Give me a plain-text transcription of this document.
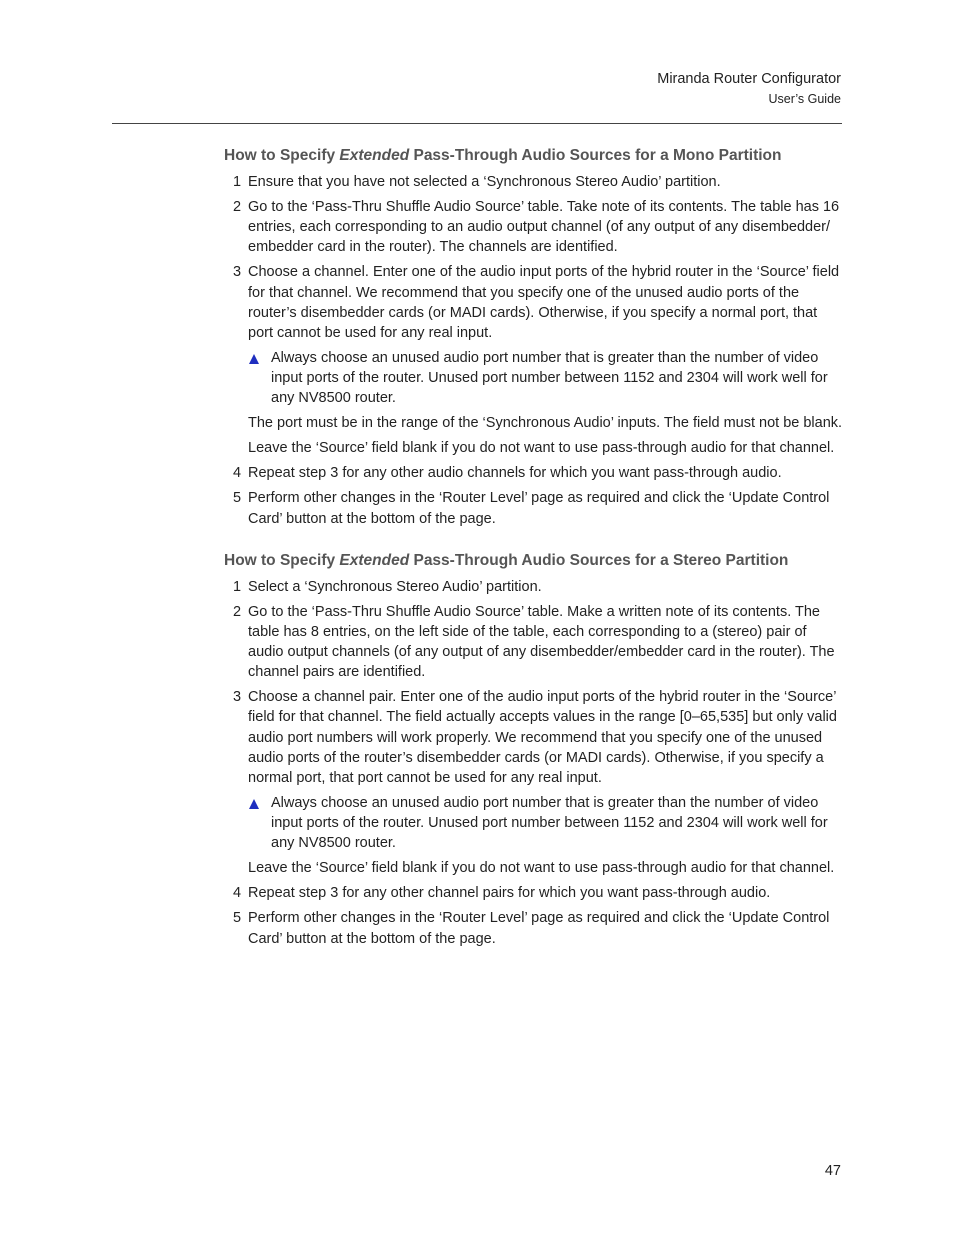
Miranda Router Configurator
User’s Guide
How to Specify Extended Pass-Through Audio Sources for a Mono Partition
1 Ensure that you have not selected a ‘Synchronous Stereo Audio’ partition.
2 Go to the ‘Pass-Thru Shuffle Audio Source’ table. Take note of its contents. The table has 16 entries, each corresponding to an audio output channel (of any output of any disembedder/ embedder card in the router). The channels are identified.
3 Choose a channel. Enter one of the audio input ports of the hybrid router in the ‘Source’ field for that channel. We recommend that you specify one of the unused audio ports of the router’s disembedder cards (or MADI cards). Otherwise, if you specify a normal port, that port cannot be used for any real input.
Always choose an unused audio port number that is greater than the number of video input ports of the router. Unused port number between 1152 and 2304 will work well for any NV8500 router.
The port must be in the range of the ‘Synchronous Audio’ inputs. The field must not be blank.
Leave the ‘Source’ field blank if you do not want to use pass-through audio for that channel.
4 Repeat step 3 for any other audio channels for which you want pass-through audio.
5 Perform other changes in the ‘Router Level’ page as required and click the ‘Update Control Card’ button at the bottom of the page.
How to Specify Extended Pass-Through Audio Sources for a Stereo Partition
1 Select a ‘Synchronous Stereo Audio’ partition.
2 Go to the ‘Pass-Thru Shuffle Audio Source’ table. Make a written note of its contents. The table has 8 entries, on the left side of the table, each corresponding to a (stereo) pair of audio output channels (of any output of any disembedder/embedder card in the router). The channel pairs are identified.
3 Choose a channel pair. Enter one of the audio input ports of the hybrid router in the ‘Source’ field for that channel. The field actually accepts values in the range [0–65,535] but only valid audio port numbers will work properly. We recommend that you specify one of the unused audio ports of the router’s disembedder cards (or MADI cards). Otherwise, if you specify a normal port, that port cannot be used for any real input.
Always choose an unused audio port number that is greater than the number of video input ports of the router. Unused port number between 1152 and 2304 will work well for any NV8500 router.
Leave the ‘Source’ field blank if you do not want to use pass-through audio for that channel.
4 Repeat step 3 for any other channel pairs for which you want pass-through audio.
5 Perform other changes in the ‘Router Level’ page as required and click the ‘Update Control Card’ button at the bottom of the page.
47
